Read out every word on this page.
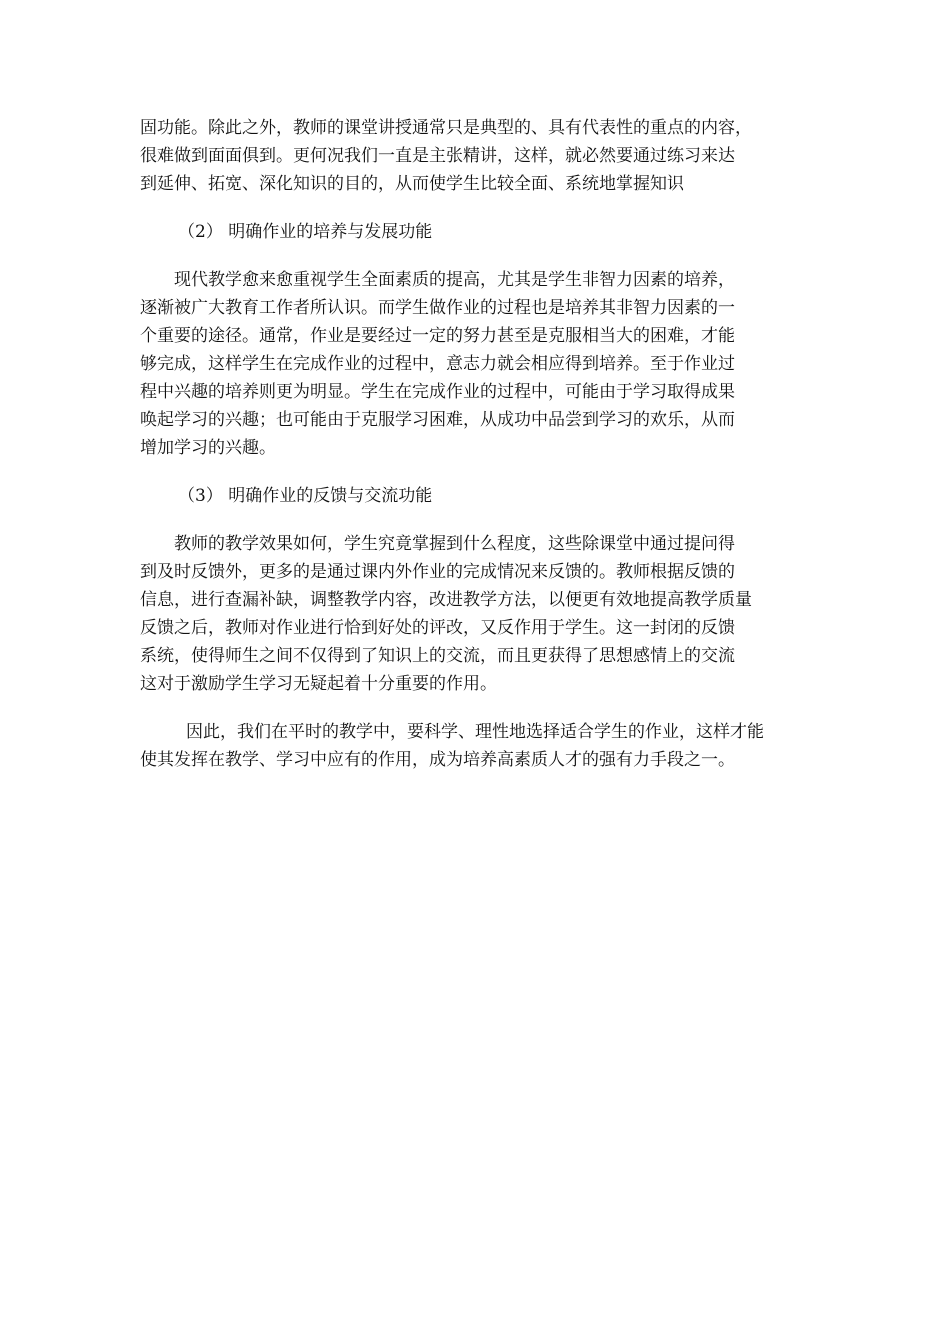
固功能。除此之外，教师的课堂讲授通常只是典型的、具有代表性的重点的内容，
很难做到面面俱到。更何况我们一直是主张精讲，这样，就必然要通过练习来达
到延伸、拓宽、深化知识的目的，从而使学生比较全面、系统地掌握知识
（2） 明确作业的培养与发展功能
现代教学愈来愈重视学生全面素质的提高，尤其是学生非智力因素的培养，
逐渐被广大教育工作者所认识。而学生做作业的过程也是培养其非智力因素的一
个重要的途径。通常，作业是要经过一定的努力甚至是克服相当大的困难，才能
够完成，这样学生在完成作业的过程中，意志力就会相应得到培养。至于作业过
程中兴趣的培养则更为明显。学生在完成作业的过程中，可能由于学习取得成果
唤起学习的兴趣；也可能由于克服学习困难，从成功中品尝到学习的欢乐，从而
增加学习的兴趣。
（3） 明确作业的反馈与交流功能
教师的教学效果如何，学生究竟掌握到什么程度，这些除课堂中通过提问得
到及时反馈外，更多的是通过课内外作业的完成情况来反馈的。教师根据反馈的
信息，进行查漏补缺，调整教学内容，改进教学方法，以便更有效地提高教学质量
反馈之后，教师对作业进行恰到好处的评改，又反作用于学生。这一封闭的反馈
系统，使得师生之间不仅得到了知识上的交流，而且更获得了思想感情上的交流
这对于激励学生学习无疑起着十分重要的作用。
因此，我们在平时的教学中，要科学、理性地选择适合学生的作业，这样才能
使其发挥在教学、学习中应有的作用，成为培养高素质人才的强有力手段之一。
